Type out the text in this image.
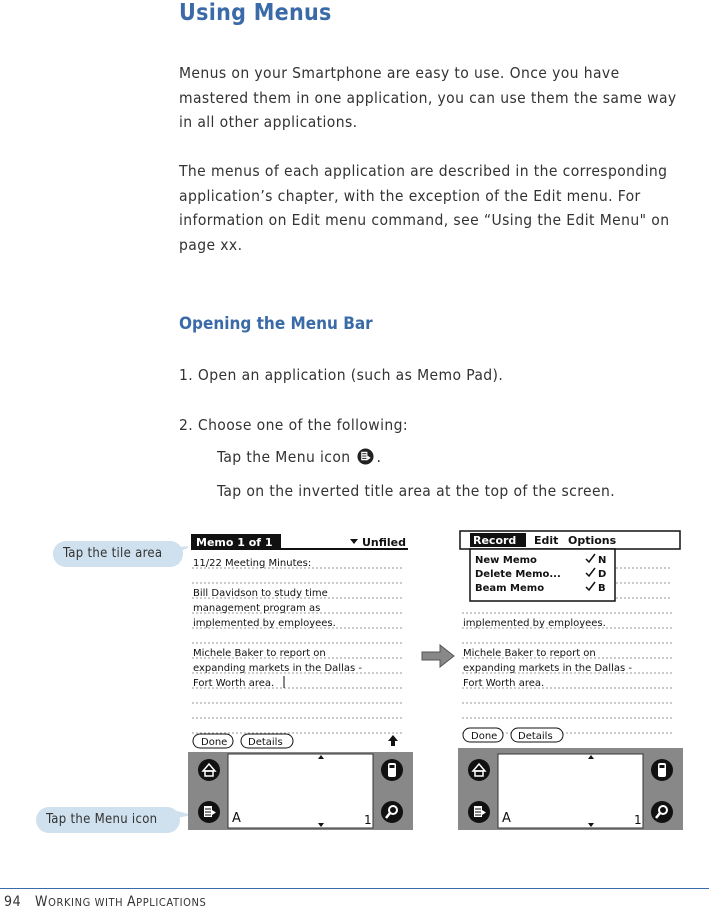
Using Menus
Menus on your Smartphone are easy to use. Once you have mastered them in one application, you can use them the same way in all other applications.
The menus of each application are described in the corresponding application’s chapter, with the exception of the Edit menu. For information on Edit menu command, see “Using the Edit Menu" on page xx.
Opening the Menu Bar
1. Open an application (such as Memo Pad).
2. Choose one of the following:
Tap the Menu icon .
Tap on the inverted title area at the top of the screen.
Tap the tile area
Tap the Menu icon
Memo 1 of 1	Unfiled
11/22 Meeting Minutes:
Bill Davidson to study time
management program as
implemented by employees.
Michele Baker to report on
expanding markets in the Dallas -
Fort Worth area.
Done Details
A	1
Record Edit Options
New Memo	N
Delete Memo...	D
Beam Memo	B
implemented by employees.
Michele Baker to report on
expanding markets in the Dallas -
Fort Worth area.
Done Details
A	1
94 WORKING WITH APPLICATIONS
